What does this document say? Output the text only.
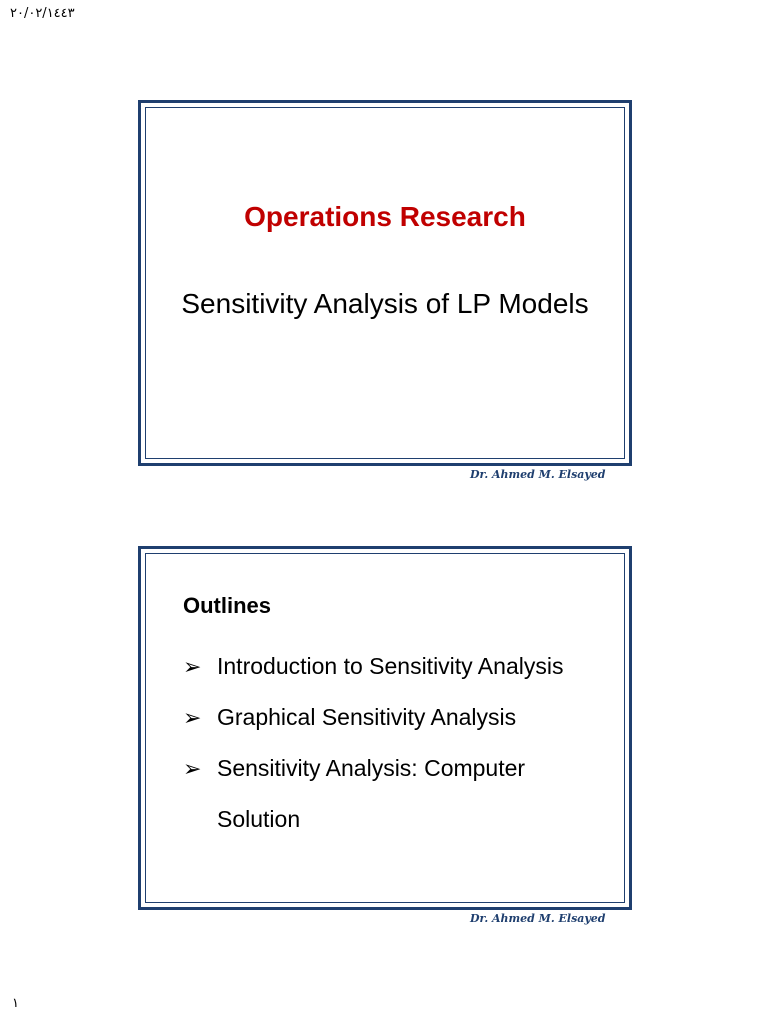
٢٠/٠٢/١٤٤٣
Operations Research
Sensitivity Analysis of LP Models
Dr. Ahmed M. Elsayed
Outlines
➢ Introduction to Sensitivity Analysis
➢ Graphical Sensitivity Analysis
➢ Sensitivity Analysis: Computer Solution
Dr. Ahmed M. Elsayed
١
